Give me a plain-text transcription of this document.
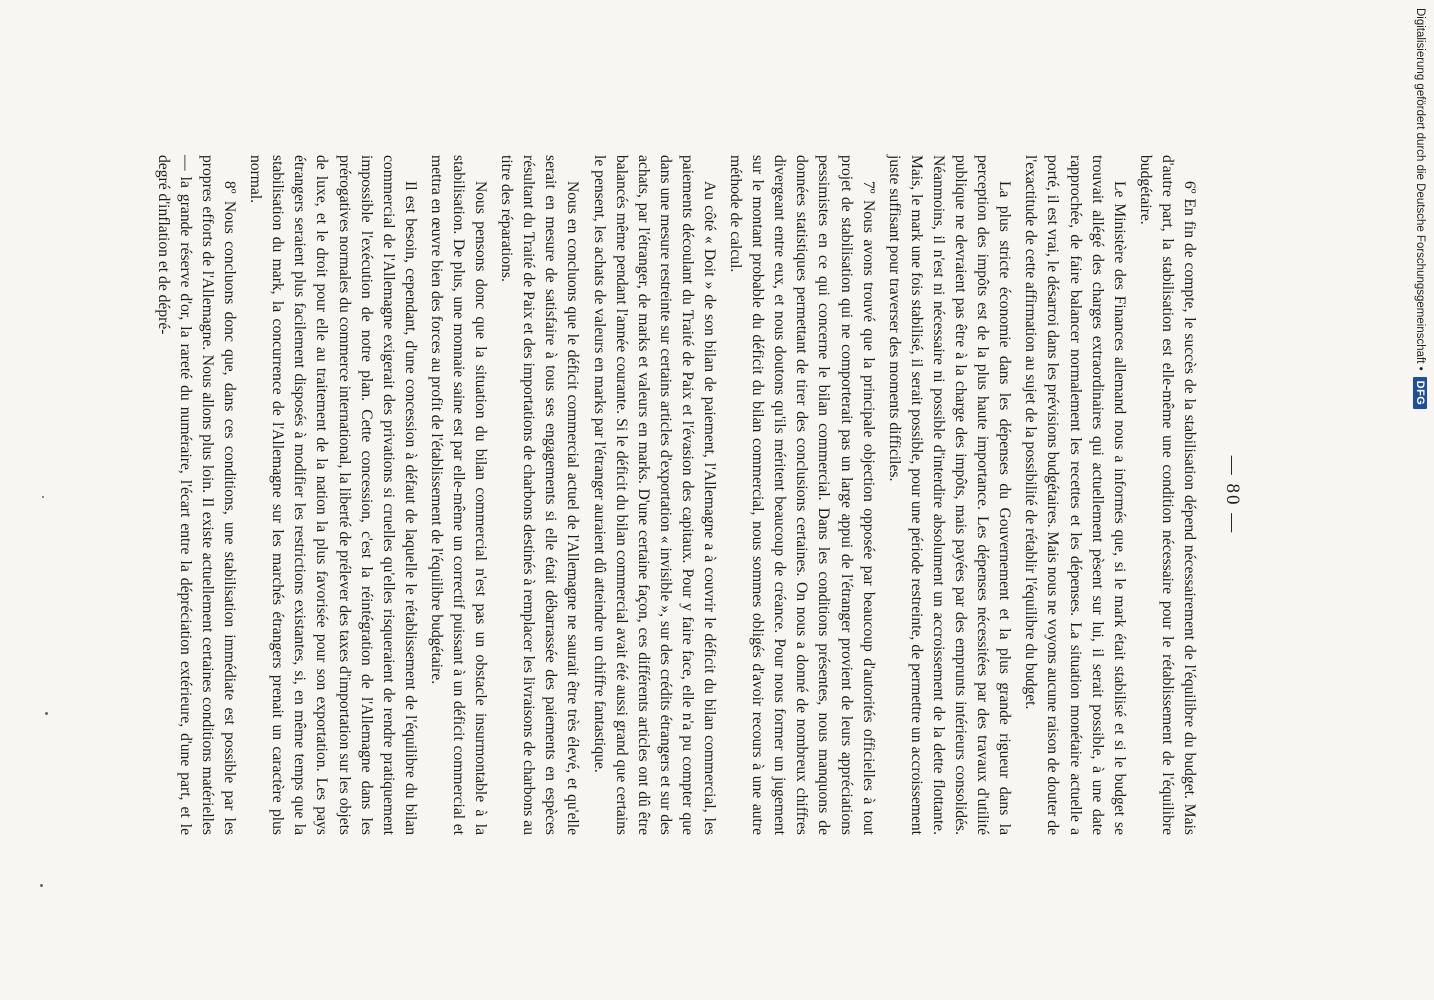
— 80 —

6º En fin de compte, le succès de la stabilisation dépend nécessairement de l'équilibre du budget. Mais d'autre part, la stabilisation est elle-même une condition nécessaire pour le rétablissement de l'équilibre budgétaire.

Le Ministère des Finances allemand nous a informés que, si le mark était stabilisé et si le budget se trouvait allégé des charges extraordinaires qui actuellement pèsent sur lui, il serait possible, à une date rapprochée, de faire balancer normalement les recettes et les dépenses. La situation monétaire actuelle a porté, il est vrai, le désarroi dans les prévisions budgétaires. Mais nous ne voyons aucune raison de douter de l'exactitude de cette affirmation au sujet de la possibilité de rétablir l'équilibre du budget.

La plus stricte économie dans les dépenses du Gouvernement et la plus grande rigueur dans la perception des impôts est de la plus haute importance. Les dépenses nécessitées par des travaux d'utilité publique ne devraient pas être à la charge des impôts, mais payées par des emprunts intérieurs consolidés. Néanmoins, il n'est ni nécessaire ni possible d'interdire absolument un accroissement de la dette flottante. Mais, le mark une fois stabilisé, il serait possible, pour une période restreinte, de permettre un accroissement juste suffisant pour traverser des moments difficiles.

7º Nous avons trouvé que la principale objection opposée par beaucoup d'autorités officielles à tout projet de stabilisation qui ne comporterait pas un large appui de l'étranger provient de leurs appréciations pessimistes en ce qui concerne le bilan commercial. Dans les conditions présentes, nous manquons de données statistiques permettant de tirer des conclusions certaines. On nous a donné de nombreux chiffres divergeant entre eux, et nous doutons qu'ils méritent beaucoup de créance. Pour nous former un jugement sur le montant probable du déficit du bilan commercial, nous sommes obligés d'avoir recours à une autre méthode de calcul.

Au côté « Doit » de son bilan de paiement, l'Allemagne a à couvrir le déficit du bilan commercial, les paiements découlant du Traité de Paix et l'évasion des capitaux. Pour y faire face, elle n'a pu compter que dans une mesure restreinte sur certains articles d'exportation « invisible », sur des crédits étrangers et sur des achats, par l'étranger, de marks et valeurs en marks. D'une certaine façon, ces différents articles ont dû être balancés même pendant l'année courante. Si le déficit du bilan commercial avait été aussi grand que certains le pensent, les achats de valeurs en marks par l'étranger auraient dû atteindre un chiffre fantastique.

Nous en concluons que le déficit commercial actuel de l'Allemagne ne saurait être très élevé, et qu'elle serait en mesure de satisfaire à tous ses engagements si elle était débarrassée des paiements en espèces résultant du Traité de Paix et des importations de charbons destinés à remplacer les livraisons de charbons au titre des réparations.

Nous pensons donc que la situation du bilan commercial n'est pas un obstacle insurmontable à la stabilisation. De plus, une monnaie saine est par elle-même un correctif puissant à un déficit commercial et mettra en œuvre bien des forces au profit de l'établissement de l'équilibre budgétaire.

Il est besoin, cependant, d'une concession à défaut de laquelle le rétablissement de l'équilibre du bilan commercial de l'Allemagne exigerait des privations si cruelles qu'elles risqueraient de rendre pratiquement impossible l'exécution de notre plan. Cette concession, c'est la réintégration de l'Allemagne dans les prérogatives normales du commerce international, la liberté de prélever des taxes d'importation sur les objets de luxe, et le droit pour elle au traitement de la nation la plus favorisée pour son exportation. Les pays étrangers seraient plus facilement disposés à modifier les restrictions existantes, si, en même temps que la stabilisation du mark, la concurrence de l'Allemagne sur les marchés étrangers prenait un caractère plus normal.

8º Nous concluons donc que, dans ces conditions, une stabilisation immédiate est possible par les propres efforts de l'Allemagne. Nous allons plus loin. Il existe actuellement certaines conditions matérielles — la grande réserve d'or, la rareté du numéraire, l'écart entre la dépréciation extérieure, d'une part, et le degré d'inflation et de dépré-	Digitalisierung gefördert durch die Deutsche Forschungsgemeinschaft •
DFG
